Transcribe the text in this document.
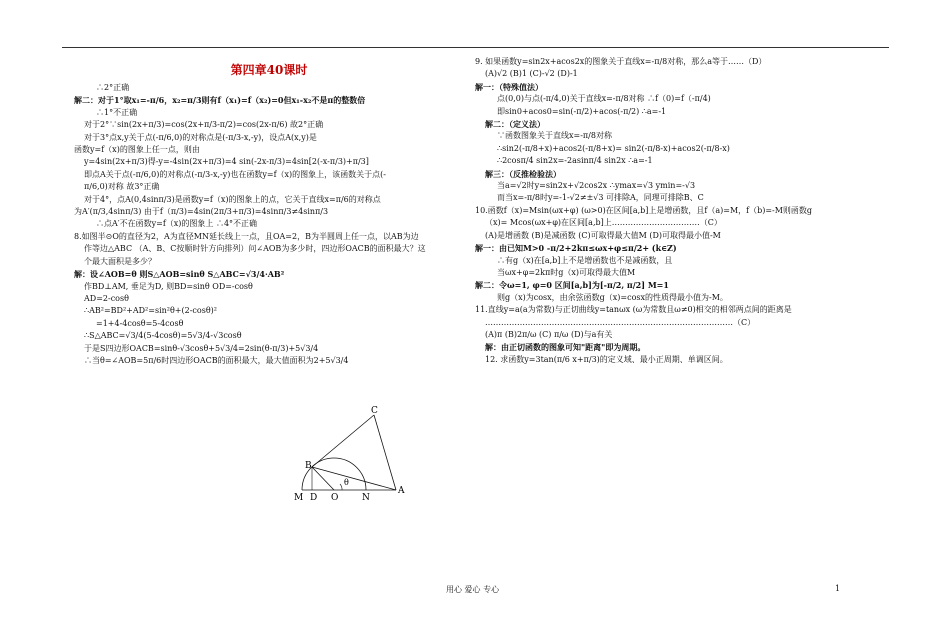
第四章40课时
∴2°正确
解二：对于1°取x₁=-π/6，x₂=π/3则有f（x₁)=f（x₂)=0但x₁-x₂不是π的整数倍
∴1°不正确
对于2°∵sin(2x+π/3)=cos(2x+π/3-π/2)=cos(2x-π/6) 故2°正确
对于3°点x,y关于点(-π/6,0)的对称点是(-π/3-x,-y)，设点A(x,y)是
函数y=f（x)的图象上任一点，则由
y=4sin(2x+π/3)得-y=-4sin(2x+π/3)=4 sin(-2x-π/3)=4sin[2(-x-π/3)+π/3]
即点A关于点(-π/6,0)的对称点(-π/3-x,-y)也在函数y=f（x)的图象上，该函数关于点(-
π/6,0)对称 故3°正确
对于4°，点A(0,4sinπ/3)是函数y=f（x)的图象上的点，它关于直线x=π/6的对称点
为A′(π/3,4sinπ/3) 由于f（π/3)=4sin(2π/3+π/3)=4sinπ/3≠4sinπ/3
∴点A′不在函数y=f（x)的图象上 ∴4°不正确
8.如图半⊙O的直径为2，A为直径MN延长线上一点，且OA=2，B为半圆周上任一点，以AB为边
作等边△ABC （A、B、C按顺时针方向排列）问∠AOB为多少时，四边形OACB的面积最大？这
个最大面积是多少？
解：设∠AOB=θ 则S△AOB=sinθ S△ABC=√3/4·AB²
作BD⊥AM, 垂足为D, 则BD=sinθ OD=-cosθ
AD=2-cosθ
∴AB²=BD²+AD²=sin²θ+(2-cosθ)²
=1+4-4cosθ=5-4cosθ
∴S△ABC=√3/4(5-4cosθ)=5√3/4-√3cosθ
于是S四边形OACB=sinθ-√3cosθ+5√3/4=2sin(θ-π/3)+5√3/4
∴当θ=∠AOB=5π/6时四边形OACB的面积最大，最大值面积为2+5√3/4
9. 如果函数y=sin2x+acos2x的图象关于直线x=-π/8对称，那么a等于……（D）
(A)√2 (B)1 (C)-√2 (D)-1
解一：（特殊值法）
点(0,0)与点(-π/4,0)关于直线x=-π/8对称 ∴f（0)=f（-π/4)
即sin0+acos0=sin(-π/2)+acos(-π/2) ∴a=-1
解二：（定义法）
∵函数图象关于直线x=-π/8对称
∴sin2(-π/8+x)+acos2(-π/8+x)= sin2(-π/8-x)+acos2(-π/8-x)
∴2cosπ/4 sin2x=-2asinπ/4 sin2x ∴a=-1
解三：（反推检验法）
当a=√2时y=sin2x+√2cos2x ∴ymax=√3 ymin=-√3
而当x=-π/8时y=-1-√2≠±√3 可排除A，同理可排除B、C
10.函数f（x)=Msin(ωx+φ) (ω>0)在区间[a,b]上是增函数，且f（a)=M，f（b)=-M则函数g
（x)= Mcos(ωx+φ)在区间[a,b]上……………………………（C）
(A)是增函数 (B)是减函数 (C)可取得最大值M (D)可取得最小值-M
解一：由已知M>0 -π/2+2kπ≤ωx+φ≤π/2+ (k∈Z)
∴有g（x)在[a,b]上不是增函数也不是减函数，且
当ωx+φ=2kπ时g（x)可取得最大值M
解二：令ω=1, φ=0 区间[a,b]为[-π/2, π/2] M=1
则g（x)为cosx，由余弦函数g（x)=cosx的性质得最小值为-M。
11.直线y=a(a为常数)与正切曲线y=tanωx (ω为常数且ω≠0)相交的相邻两点间的距离是
…………………………………………………………………………………（C）
(A)π (B)2π/ω (C) π/ω (D)与a有关
解：由正切函数的图象可知"距离"即为周期。
12. 求函数y=3tan(π/6 x+π/3)的定义域、最小正周期、单调区间。
C
B
M D O	N
A
θ
用心 爱心 专心	1
